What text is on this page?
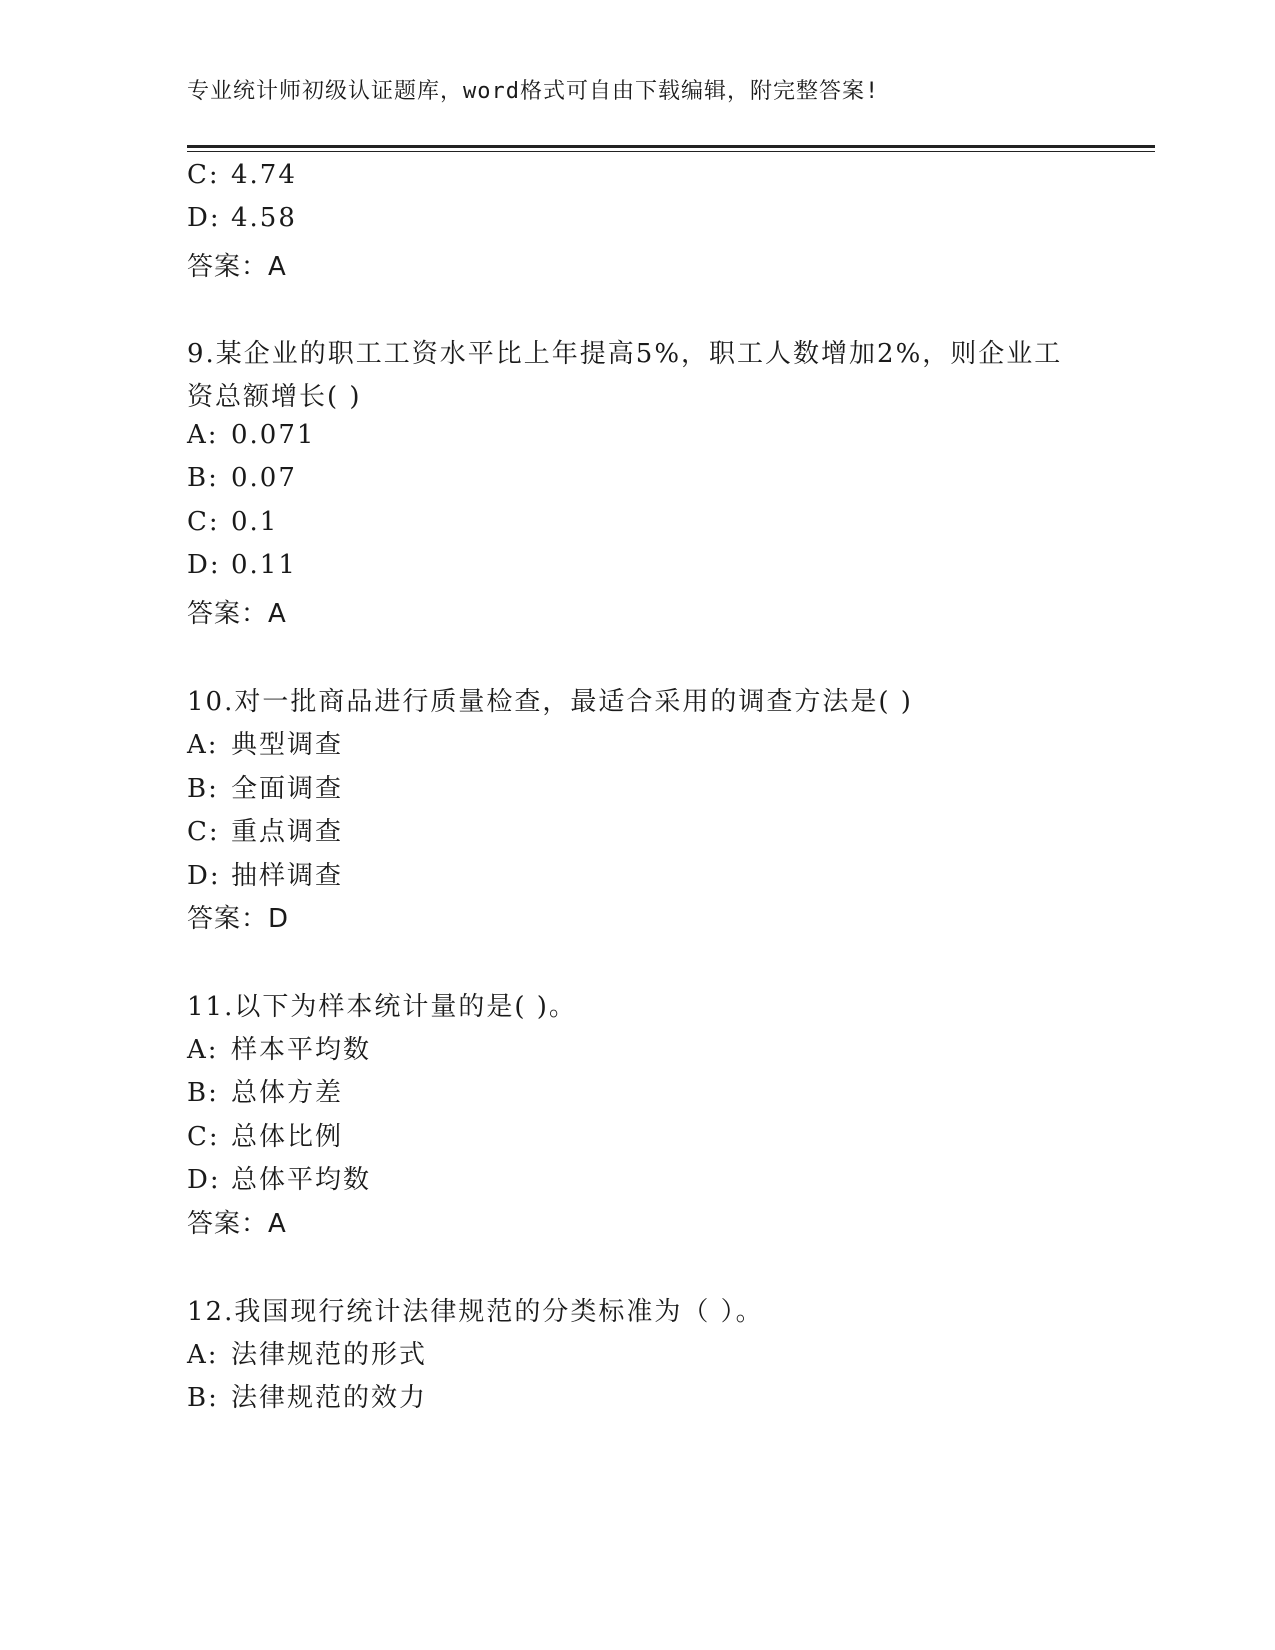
专业统计师初级认证题库，word格式可自由下载编辑，附完整答案!
C: 4.74
D: 4.58
答案：A
9.某企业的职工工资水平比上年提高5%，职工人数增加2%，则企业工
资总额增长( )
A: 0.071
B: 0.07
C: 0.1
D: 0.11
答案：A
10.对一批商品进行质量检查，最适合采用的调查方法是( )
A: 典型调查
B: 全面调查
C: 重点调查
D: 抽样调查
答案：D
11.以下为样本统计量的是( )。
A: 样本平均数
B: 总体方差
C: 总体比例
D: 总体平均数
答案：A
12.我国现行统计法律规范的分类标准为（ ）。
A: 法律规范的形式
B: 法律规范的效力
